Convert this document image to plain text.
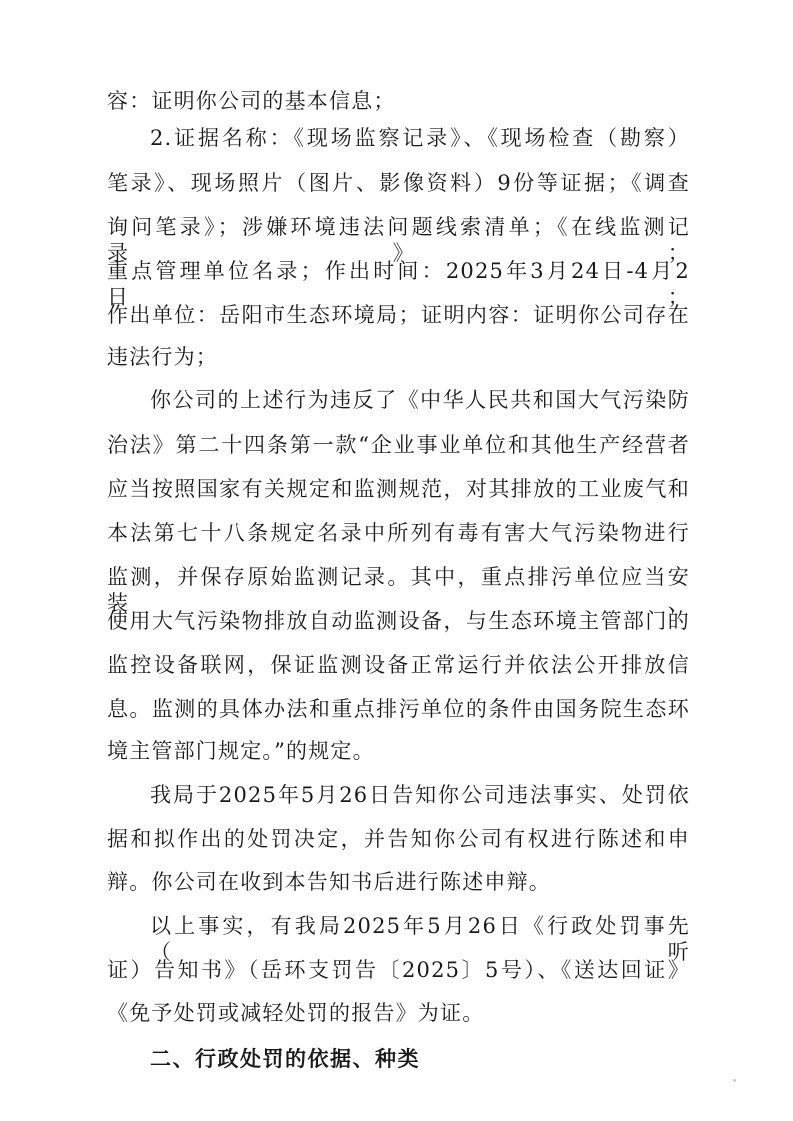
容：证明你公司的基本信息；
2.证据名称：《现场监察记录》、《现场检查（勘察）
笔录》、现场照片（图片、影像资料）9份等证据；《调查
询问笔录》；涉嫌环境违法问题线索清单；《在线监测记录》；
重点管理单位名录；作出时间：2025年3月24日-4月2日；
作出单位：岳阳市生态环境局；证明内容：证明你公司存在
违法行为；
你公司的上述行为违反了《中华人民共和国大气污染防
治法》第二十四条第一款“企业事业单位和其他生产经营者
应当按照国家有关规定和监测规范，对其排放的工业废气和
本法第七十八条规定名录中所列有毒有害大气污染物进行
监测，并保存原始监测记录。其中，重点排污单位应当安装、
使用大气污染物排放自动监测设备，与生态环境主管部门的
监控设备联网，保证监测设备正常运行并依法公开排放信
息。监测的具体办法和重点排污单位的条件由国务院生态环
境主管部门规定。”的规定。
我局于2025年5月26日告知你公司违法事实、处罚依
据和拟作出的处罚决定，并告知你公司有权进行陈述和申
辩。你公司在收到本告知书后进行陈述申辩。
以上事实，有我局2025年5月26日《行政处罚事先（听
证）告知书》（岳环支罚告〔2025〕5号）、《送达回证》
《免予处罚或减轻处罚的报告》为证。
二、行政处罚的依据、种类
